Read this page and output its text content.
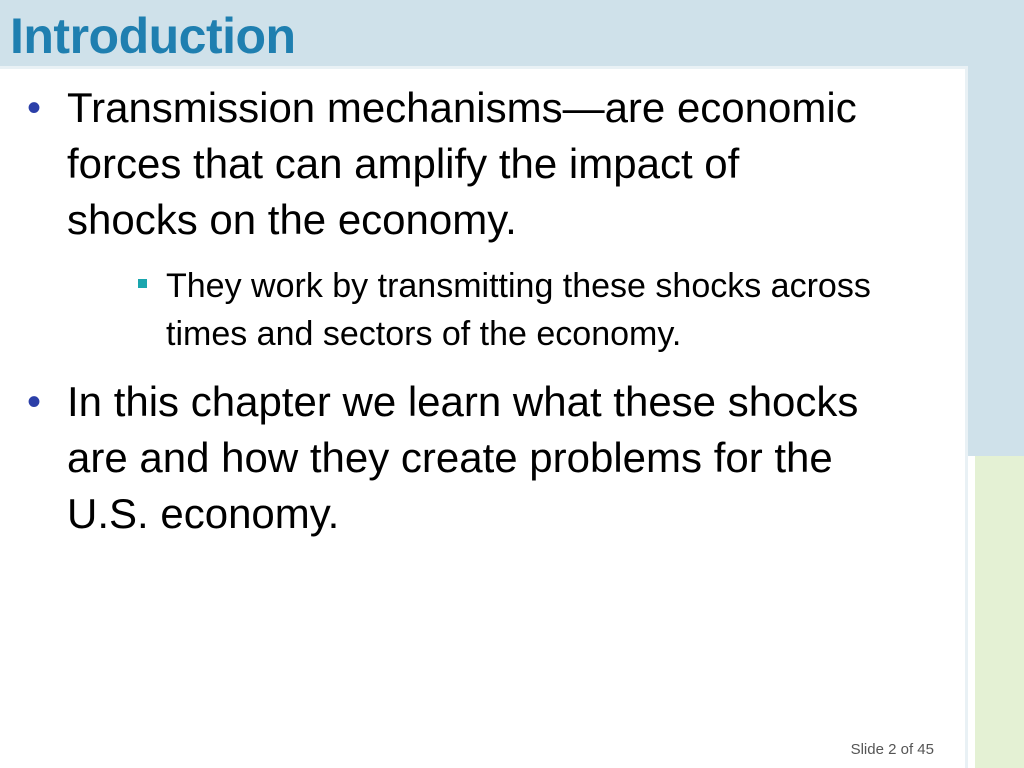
Introduction
• Transmission mechanisms—are economic forces that can amplify the impact of shocks on the economy.
They work by transmitting these shocks across times and sectors of the economy.
• In this chapter we learn what these shocks are and how they create problems for the U.S. economy.
Slide 2 of 45
